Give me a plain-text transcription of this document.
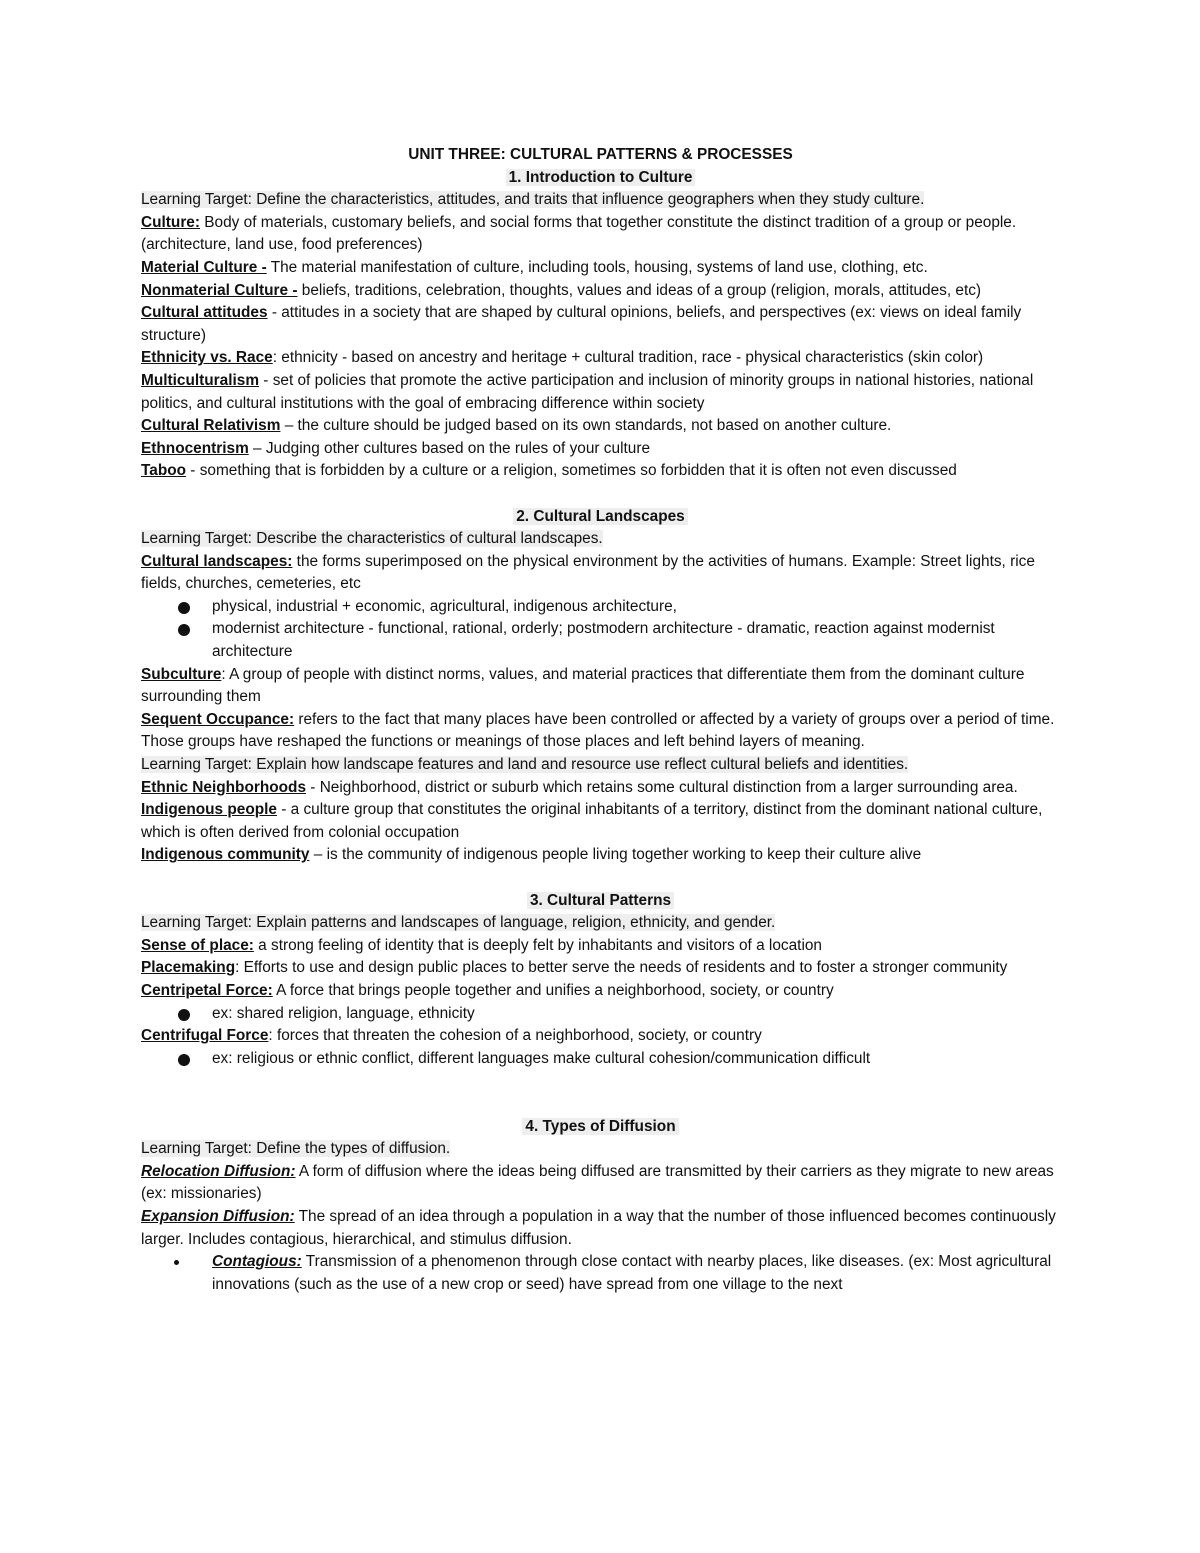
UNIT THREE: CULTURAL PATTERNS & PROCESSES

1. Introduction to Culture

Learning Target: Define the characteristics, attitudes, and traits that influence geographers when they study culture.

Culture: Body of materials, customary beliefs, and social forms that together constitute the distinct tradition of a group or people. (architecture, land use, food preferences)

Material Culture - The material manifestation of culture, including tools, housing, systems of land use, clothing, etc.

Nonmaterial Culture - beliefs, traditions, celebration, thoughts, values and ideas of a group (religion, morals, attitudes, etc)

Cultural attitudes - attitudes in a society that are shaped by cultural opinions, beliefs, and perspectives (ex: views on ideal family structure)

Ethnicity vs. Race: ethnicity - based on ancestry and heritage + cultural tradition, race - physical characteristics (skin color)

Multiculturalism - set of policies that promote the active participation and inclusion of minority groups in national histories, national politics, and cultural institutions with the goal of embracing difference within society

Cultural Relativism – the culture should be judged based on its own standards, not based on another culture.

Ethnocentrism – Judging other cultures based on the rules of your culture

Taboo - something that is forbidden by a culture or a religion, sometimes so forbidden that it is often not even discussed

2. Cultural Landscapes

Learning Target: Describe the characteristics of cultural landscapes.

Cultural landscapes: the forms superimposed on the physical environment by the activities of humans. Example: Street lights, rice fields, churches, cemeteries, etc

physical, industrial + economic, agricultural, indigenous architecture,
modernist architecture - functional, rational, orderly; postmodern architecture - dramatic, reaction against modernist architecture

Subculture: A group of people with distinct norms, values, and material practices that differentiate them from the dominant culture surrounding them

Sequent Occupance: refers to the fact that many places have been controlled or affected by a variety of groups over a period of time. Those groups have reshaped the functions or meanings of those places and left behind layers of meaning.

Learning Target: Explain how landscape features and land and resource use reflect cultural beliefs and identities.

Ethnic Neighborhoods - Neighborhood, district or suburb which retains some cultural distinction from a larger surrounding area.

Indigenous people - a culture group that constitutes the original inhabitants of a territory, distinct from the dominant national culture, which is often derived from colonial occupation

Indigenous community – is the community of indigenous people living together working to keep their culture alive

3. Cultural Patterns

Learning Target: Explain patterns and landscapes of language, religion, ethnicity, and gender.

Sense of place: a strong feeling of identity that is deeply felt by inhabitants and visitors of a location

Placemaking: Efforts to use and design public places to better serve the needs of residents and to foster a stronger community

Centripetal Force: A force that brings people together and unifies a neighborhood, society, or country

ex: shared religion, language, ethnicity

Centrifugal Force: forces that threaten the cohesion of a neighborhood, society, or country

ex: religious or ethnic conflict, different languages make cultural cohesion/communication difficult

4. Types of Diffusion

Learning Target: Define the types of diffusion.

Relocation Diffusion: A form of diffusion where the ideas being diffused are transmitted by their carriers as they migrate to new areas (ex: missionaries)

Expansion Diffusion: The spread of an idea through a population in a way that the number of those influenced becomes continuously larger. Includes contagious, hierarchical, and stimulus diffusion.

Contagious: Transmission of a phenomenon through close contact with nearby places, like diseases. (ex: Most agricultural innovations (such as the use of a new crop or seed) have spread from one village to the next
